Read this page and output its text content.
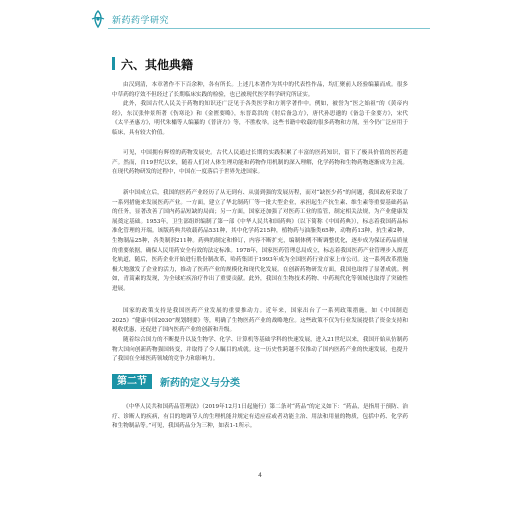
新药药学研究
六、其他典籍

由汉到清，本章著作不下百余种，各有所长。上述几本著作为其中的代表性作品，均汇聚前人经验编纂而成。很多中草药的疗效不但经过了长期临床实践的检验，也已被现代医学科学研究所证实。

此外，我国古代人民关于药物的知识还广泛见于各类医学和方剂学著作中。例如，被誉为“医之始祖”的《黄帝内经》，东汉张仲景所著《伤寒论》和《金匮要略》，东晋葛洪的《肘后备急方》，唐代孙思邈的《备急千金要方》，宋代《太平圣惠方》，明代朱橚等人编纂的《普济方》等，不胜枚举。这些书籍中收载的很多药物和方剂，至今仍广泛应用于临床，具有较大价值。

可见，中国拥有辉煌的药物发展史。古代人民通过长期的实践积累了丰富的医药知识，留下了极具价值的医药遗产。然而，自19世纪以来，随着人们对人体生理功能和药物作用机制的深入理解，化学药物和生物药物逐渐成为主流。在现代药物研发的过程中，中国在一度落后于世界先进国家。

新中国成立后，我国的医药产业经历了从无到有、从弱到强的发展历程，而对“缺医少药”的问题，我国政府采取了一系列措施来发展医药产业。一方面，建立了华北制药厂等一批大型企业，承担起生产抗生素、维生素等重要基础药品的任务，显著改善了国内药品短缺的局面；另一方面，国家还加强了对医药工业的监管，制定相关法规，为产业健康发展奠定基础。1953年，卫生部组织编制了第一部《中华人民共和国药典》（以下简称《中国药典》），标志着我国药品标准化管理的开端。该版药典共收载药品531种，其中化学药215种，植物药与油脂类65种，动物药13种，抗生素2种，生物制品25种，各类制剂211种。药典的制定和修订，内容不断扩充，编制体例不断调整优化，逐步成为保证药品质量的重要依据，确保人民用药安全有效的法定标准。1978年，国家医药管理总局成立，标志着我国医药产业管理步入规范化轨道，随后，医药企业开始进行股份制改革，哈药集团于1993年成为全国医药行业首家上市公司。这一系列改革措施极大地激发了企业的活力，推动了医药产业的规模化和现代化发展。在创新药物研发方面，我国也取得了显著成就。例如，青蒿素的发现，为全球疟疾治疗作出了重要贡献。此外，我国在生物技术药物、中药现代化等领域也取得了突破性进展。

国家的政策支持是我国医药产业发展的重要推动力。近年来，国家出台了一系列政策措施，如《中国制造2025》“健康中国2030”规划纲要》等，明确了生物医药产业的战略地位。这些政策不仅为行业发展提供了资金支持和税收优惠，还促进了国内医药产业的创新和升级。

随着综合国力的不断提升以及生物学、化学、计算机等基础学科的快速发展，进入21世纪以来，我国开始从仿制药物大国向创新药物强国转变，并取得了令人瞩目的成就。这一历史性跨越不仅推动了国内医药产业的快速发展，也提升了我国在全球医药领域的竞争力和影响力。

第二节	新药的定义与分类

《中华人民共和国药品管理法》（2019年12月1日起施行）第二条对“药品”的定义如下：“药品，是指用于预防、治疗、诊断人的疾病，有目的地调节人的生理机能并规定有适应症或者功能主治、用法和用量的物质，包括中药、化学药和生物制品等。”可见，我国药品分为三种，如表1-1所示。

4
